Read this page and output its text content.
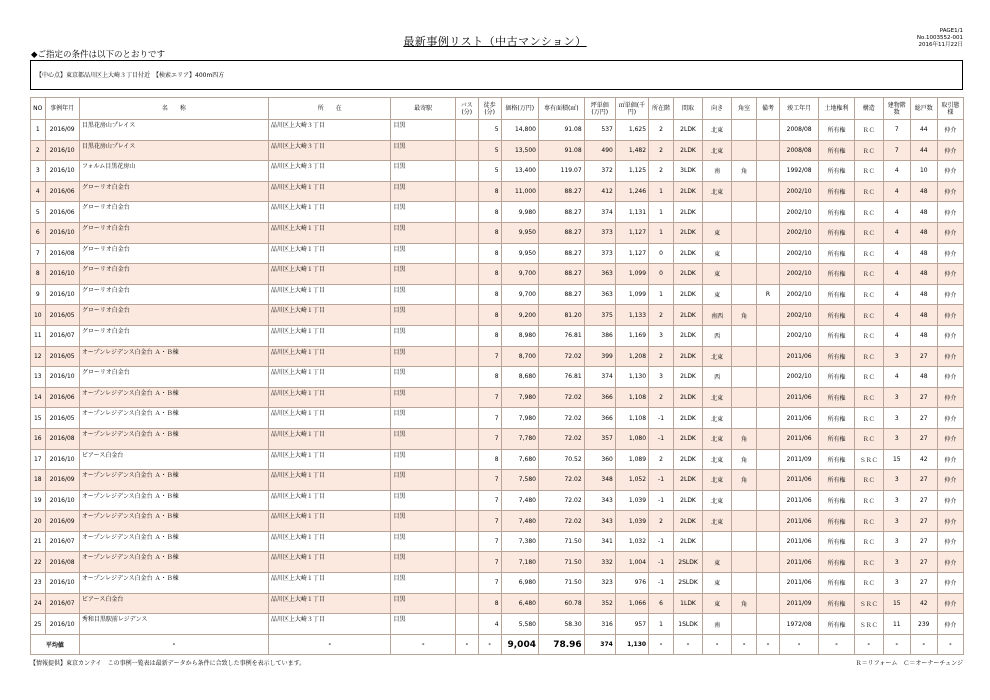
最新事例リスト（中古マンション）
PAGE1/1
No.1003552-001
2016年11月22日
◆ご指定の条件は以下のとおりです
【中心点】東京都品川区上大崎３丁目付近　【検索エリア】400m四方
NO	事例年月	名　　称	所　　在	最寄駅	バス(分)	徒歩(分)	価格(万円)	専有面積(㎡)	坪単価(万円)	㎡単価(千円)	所在階	間取	向き	角室	備考	竣工年月	土地権利	構造	建物階数	総戸数	取引態様
1	2016/09	目黒花房山プレイス	品川区上大崎３丁目	目黒		5	14,800	91.08	537	1,625	2	2LDK	北東			2008/08	所有権	ＲＣ	7	44	仲介
2	2016/10	目黒花房山プレイス	品川区上大崎３丁目	目黒		5	13,500	91.08	490	1,482	2	2LDK	北東			2008/08	所有権	ＲＣ	7	44	仲介
3	2016/10	フォルム目黒花房山	品川区上大崎３丁目	目黒		5	13,400	119.07	372	1,125	2	3LDK	南	角		1992/08	所有権	ＲＣ	4	10	仲介
4	2016/06	グローリオ白金台	品川区上大崎１丁目	目黒		8	11,000	88.27	412	1,246	1	2LDK	北東			2002/10	所有権	ＲＣ	4	48	仲介
5	2016/06	グローリオ白金台	品川区上大崎１丁目	目黒		8	9,980	88.27	374	1,131	1	2LDK				2002/10	所有権	ＲＣ	4	48	仲介
6	2016/10	グローリオ白金台	品川区上大崎１丁目	目黒		8	9,950	88.27	373	1,127	1	2LDK	東			2002/10	所有権	ＲＣ	4	48	仲介
7	2016/08	グローリオ白金台	品川区上大崎１丁目	目黒		8	9,950	88.27	373	1,127	0	2LDK	東			2002/10	所有権	ＲＣ	4	48	仲介
8	2016/10	グローリオ白金台	品川区上大崎１丁目	目黒		8	9,700	88.27	363	1,099	0	2LDK	東			2002/10	所有権	ＲＣ	4	48	仲介
9	2016/10	グローリオ白金台	品川区上大崎１丁目	目黒		8	9,700	88.27	363	1,099	1	2LDK	東		R	2002/10	所有権	ＲＣ	4	48	仲介
10	2016/05	グローリオ白金台	品川区上大崎１丁目	目黒		8	9,200	81.20	375	1,133	2	2LDK	南西	角		2002/10	所有権	ＲＣ	4	48	仲介
11	2016/07	グローリオ白金台	品川区上大崎１丁目	目黒		8	8,980	76.81	386	1,169	3	2LDK	西			2002/10	所有権	ＲＣ	4	48	仲介
12	2016/05	オープンレジデンス白金台 Ａ・Ｂ棟	品川区上大崎１丁目	目黒		7	8,700	72.02	399	1,208	2	2LDK	北東			2011/06	所有権	ＲＣ	3	27	仲介
13	2016/10	グローリオ白金台	品川区上大崎１丁目	目黒		8	8,680	76.81	374	1,130	3	2LDK	西			2002/10	所有権	ＲＣ	4	48	仲介
14	2016/06	オープンレジデンス白金台 Ａ・Ｂ棟	品川区上大崎１丁目	目黒		7	7,980	72.02	366	1,108	2	2LDK	北東			2011/06	所有権	ＲＣ	3	27	仲介
15	2016/05	オープンレジデンス白金台 Ａ・Ｂ棟	品川区上大崎１丁目	目黒		7	7,980	72.02	366	1,108	-1	2LDK	北東			2011/06	所有権	ＲＣ	3	27	仲介
16	2016/08	オープンレジデンス白金台 Ａ・Ｂ棟	品川区上大崎１丁目	目黒		7	7,780	72.02	357	1,080	-1	2LDK	北東	角		2011/06	所有権	ＲＣ	3	27	仲介
17	2016/10	ビアース白金台	品川区上大崎１丁目	目黒		8	7,680	70.52	360	1,089	2	2LDK	北東	角		2011/09	所有権	ＳＲＣ	15	42	仲介
18	2016/09	オープンレジデンス白金台 Ａ・Ｂ棟	品川区上大崎１丁目	目黒		7	7,580	72.02	348	1,052	-1	2LDK	北東	角		2011/06	所有権	ＲＣ	3	27	仲介
19	2016/10	オープンレジデンス白金台 Ａ・Ｂ棟	品川区上大崎１丁目	目黒		7	7,480	72.02	343	1,039	-1	2LDK	北東			2011/06	所有権	ＲＣ	3	27	仲介
20	2016/09	オープンレジデンス白金台 Ａ・Ｂ棟	品川区上大崎１丁目	目黒		7	7,480	72.02	343	1,039	2	2LDK	北東			2011/06	所有権	ＲＣ	3	27	仲介
21	2016/07	オープンレジデンス白金台 Ａ・Ｂ棟	品川区上大崎１丁目	目黒		7	7,380	71.50	341	1,032	-1	2LDK				2011/06	所有権	ＲＣ	3	27	仲介
22	2016/08	オープンレジデンス白金台 Ａ・Ｂ棟	品川区上大崎１丁目	目黒		7	7,180	71.50	332	1,004	-1	2SLDK	東			2011/06	所有権	ＲＣ	3	27	仲介
23	2016/10	オープンレジデンス白金台 Ａ・Ｂ棟	品川区上大崎１丁目	目黒		7	6,980	71.50	323	976	-1	2SLDK	東			2011/06	所有権	ＲＣ	3	27	仲介
24	2016/07	ビアース白金台	品川区上大崎１丁目	目黒		8	6,480	60.78	352	1,066	6	1LDK	東	角		2011/09	所有権	ＳＲＣ	15	42	仲介
25	2016/10	秀和目黒駅前レジデンス	品川区上大崎３丁目	目黒		4	5,580	58.30	316	957	1	1SLDK	南			1972/08	所有権	ＳＲＣ	11	239	仲介
平均値		-	-	-	-	-	9,004	78.96	374	1,130	-	-	-	-	-	-	-	-	-	-	-
【情報提供】東京カンテイ　この事例一覧表は最新データから条件に合致した事例を表示しています。	Ｒ＝リフォーム　Ｃ＝オーナーチェンジ
